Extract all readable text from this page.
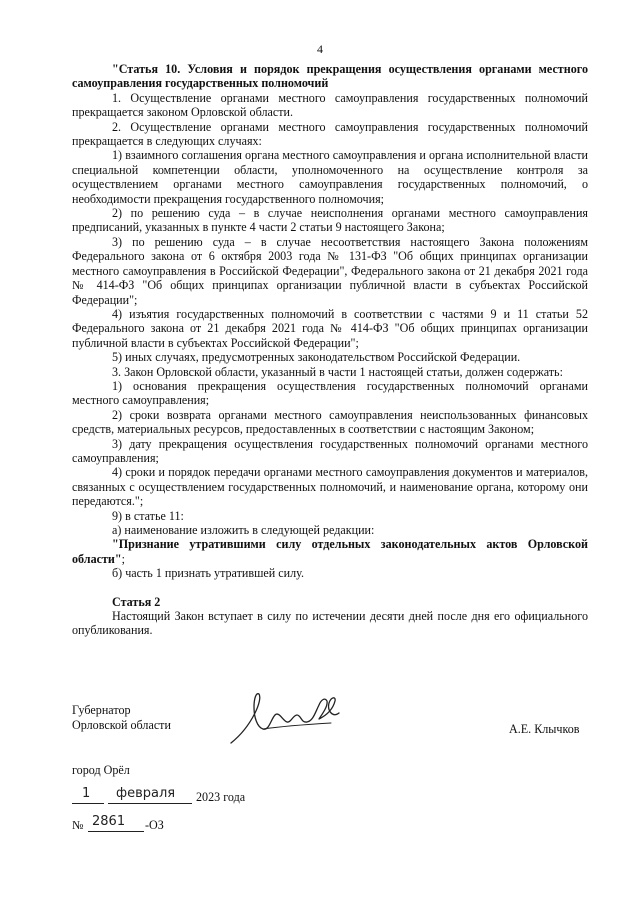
4

"Статья 10. Условия и порядок прекращения осуществления органами местного самоуправления государственных полномочий

1. Осуществление органами местного самоуправления государственных полномочий прекращается законом Орловской области.

2. Осуществление органами местного самоуправления государственных полномочий прекращается в следующих случаях:

1) взаимного соглашения органа местного самоуправления и органа исполнительной власти специальной компетенции области, уполномоченного на осуществление контроля за осуществлением органами местного самоуправления государственных полномочий, о необходимости прекращения государственного полномочия;

2) по решению суда – в случае неисполнения органами местного самоуправления предписаний, указанных в пункте 4 части 2 статьи 9 настоящего Закона;

3) по решению суда – в случае несоответствия настоящего Закона положениям Федерального закона от 6 октября 2003 года № 131-ФЗ "Об общих принципах организации местного самоуправления в Российской Федерации", Федерального закона от 21 декабря 2021 года № 414-ФЗ "Об общих принципах организации публичной власти в субъектах Российской Федерации";

4) изъятия государственных полномочий в соответствии с частями 9 и 11 статьи 52 Федерального закона от 21 декабря 2021 года № 414-ФЗ "Об общих принципах организации публичной власти в субъектах Российской Федерации";

5) иных случаях, предусмотренных законодательством Российской Федерации.

3. Закон Орловской области, указанный в части 1 настоящей статьи, должен содержать:

1) основания прекращения осуществления государственных полномочий органами местного самоуправления;

2) сроки возврата органами местного самоуправления неиспользованных финансовых средств, материальных ресурсов, предоставленных в соответствии с настоящим Законом;

3) дату прекращения осуществления государственных полномочий органами местного самоуправления;

4) сроки и порядок передачи органами местного самоуправления документов и материалов, связанных с осуществлением государственных полномочий, и наименование органа, которому они передаются.";

9) в статье 11:

а) наименование изложить в следующей редакции:

"Признание утратившими силу отдельных законодательных актов Орловской области";

б) часть 1 признать утратившей силу.

Статья 2

Настоящий Закон вступает в силу по истечении десяти дней после дня его официального опубликования.

Губернатор
Орловской области	А.Е. Клычков
город Орёл
1 февраля 2023 года
№ 2861 -ОЗ
